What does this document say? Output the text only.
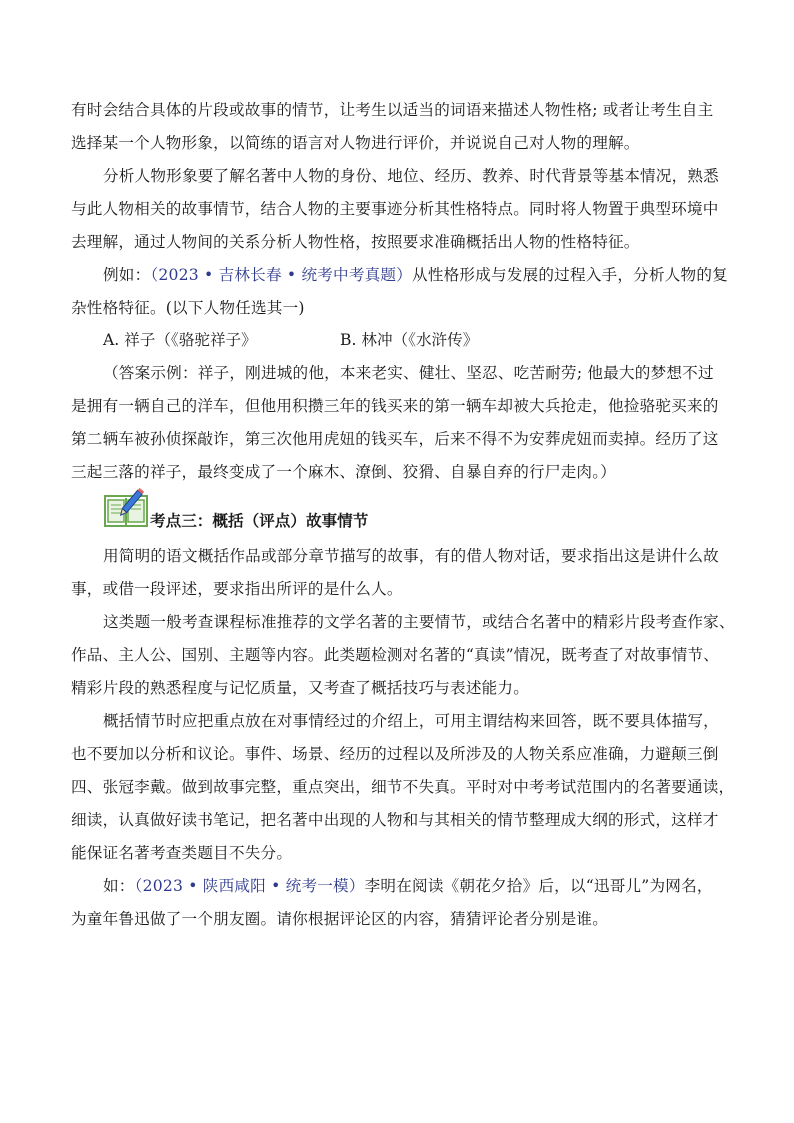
有时会结合具体的片段或故事的情节，让考生以适当的词语来描述人物性格; 或者让考生自主
选择某一个人物形象，以简练的语言对人物进行评价，并说说自己对人物的理解。
分析人物形象要了解名著中人物的身份、地位、经历、教养、时代背景等基本情况，熟悉
与此人物相关的故事情节，结合人物的主要事迹分析其性格特点。同时将人物置于典型环境中
去理解，通过人物间的关系分析人物性格，按照要求准确概括出人物的性格特征。
例如：（2023 • 吉林长春 • 统考中考真题）从性格形成与发展的过程入手，分析人物的复
杂性格特征。(以下人物任选其一)
A. 祥子（《骆驼祥子》	B. 林冲（《水浒传》
（答案示例：祥子，刚进城的他，本来老实、健壮、坚忍、吃苦耐劳; 他最大的梦想不过
是拥有一辆自己的洋车，但他用积攒三年的钱买来的第一辆车却被大兵抢走，他捡骆驼买来的
第二辆车被孙侦探敲诈，第三次他用虎妞的钱买车，后来不得不为安葬虎妞而卖掉。经历了这
三起三落的祥子，最终变成了一个麻木、潦倒、狡猾、自暴自弃的行尸走肉。）
考点三：概括（评点）故事情节
用简明的语文概括作品或部分章节描写的故事，有的借人物对话，要求指出这是讲什么故
事，或借一段评述，要求指出所评的是什么人。
这类题一般考查课程标准推荐的文学名著的主要情节，或结合名著中的精彩片段考查作家、
作品、主人公、国别、主题等内容。此类题检测对名著的“真读”情况，既考查了对故事情节、
精彩片段的熟悉程度与记忆质量，又考查了概括技巧与表述能力。
概括情节时应把重点放在对事情经过的介绍上，可用主谓结构来回答，既不要具体描写，
也不要加以分析和议论。事件、场景、经历的过程以及所涉及的人物关系应准确，力避颠三倒
四、张冠李戴。做到故事完整，重点突出，细节不失真。平时对中考考试范围内的名著要通读，
细读，认真做好读书笔记，把名著中出现的人物和与其相关的情节整理成大纲的形式，这样才
能保证名著考查类题目不失分。
如：（2023 • 陕西咸阳 • 统考一模）李明在阅读《朝花夕拾》后，以“迅哥儿”为网名，
为童年鲁迅做了一个朋友圈。请你根据评论区的内容，猜猜评论者分别是谁。
